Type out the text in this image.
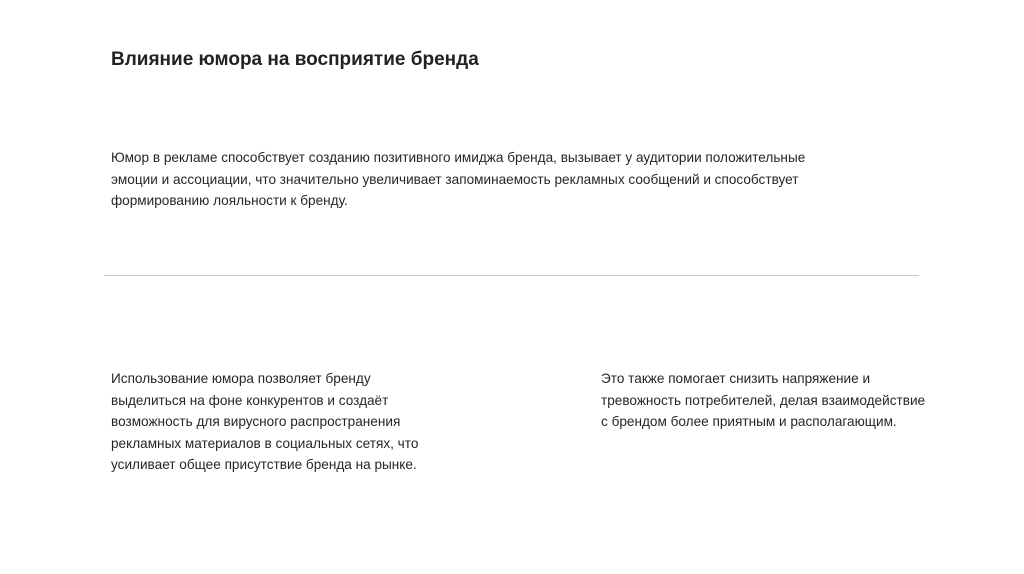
Влияние юмора на восприятие бренда

Юмор в рекламе способствует созданию позитивного имиджа бренда, вызывает у аудитории положительные
эмоции и ассоциации, что значительно увеличивает запоминаемость рекламных сообщений и способствует
формированию лояльности к бренду.

Использование юмора позволяет бренду
выделиться на фоне конкурентов и создаёт
возможность для вирусного распространения
рекламных материалов в социальных сетях, что
усиливает общее присутствие бренда на рынке.

Это также помогает снизить напряжение и
тревожность потребителей, делая взаимодействие
с брендом более приятным и располагающим.
